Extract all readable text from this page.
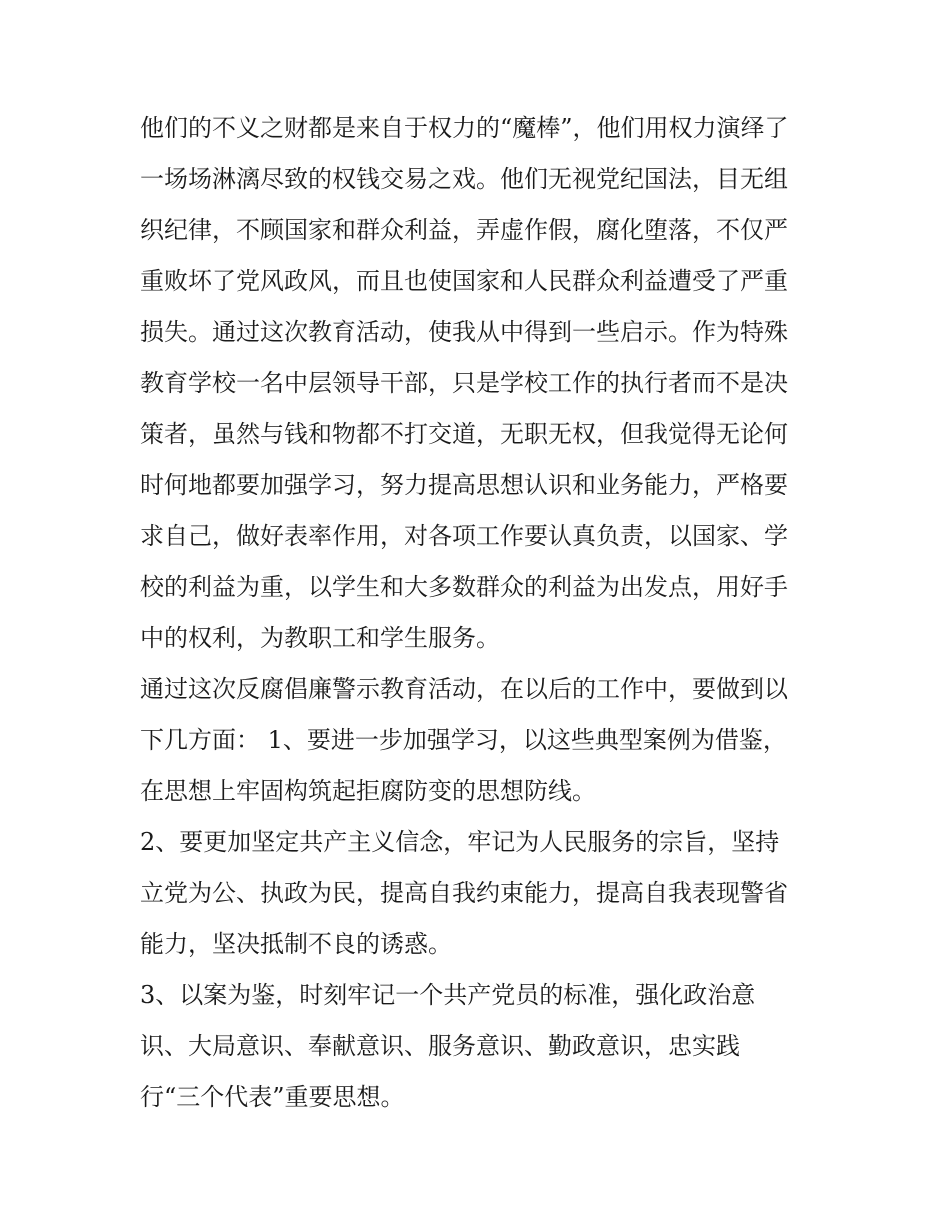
他们的不义之财都是来自于权力的“魔棒”，他们用权力演绎了
一场场淋漓尽致的权钱交易之戏。他们无视党纪国法，目无组
织纪律，不顾国家和群众利益，弄虚作假，腐化堕落，不仅严
重败坏了党风政风，而且也使国家和人民群众利益遭受了严重
损失。通过这次教育活动，使我从中得到一些启示。作为特殊
教育学校一名中层领导干部，只是学校工作的执行者而不是决
策者，虽然与钱和物都不打交道，无职无权，但我觉得无论何
时何地都要加强学习，努力提高思想认识和业务能力，严格要
求自己，做好表率作用，对各项工作要认真负责，以国家、学
校的利益为重，以学生和大多数群众的利益为出发点，用好手
中的权利，为教职工和学生服务。
通过这次反腐倡廉警示教育活动，在以后的工作中，要做到以
下几方面： 1、要进一步加强学习，以这些典型案例为借鉴，
在思想上牢固构筑起拒腐防变的思想防线。
2、要更加坚定共产主义信念，牢记为人民服务的宗旨，坚持
立党为公、执政为民，提高自我约束能力，提高自我表现警省
能力，坚决抵制不良的诱惑。
3、以案为鉴，时刻牢记一个共产党员的标准，强化政治意
识、大局意识、奉献意识、服务意识、勤政意识，忠实践
行“三个代表”重要思想。
